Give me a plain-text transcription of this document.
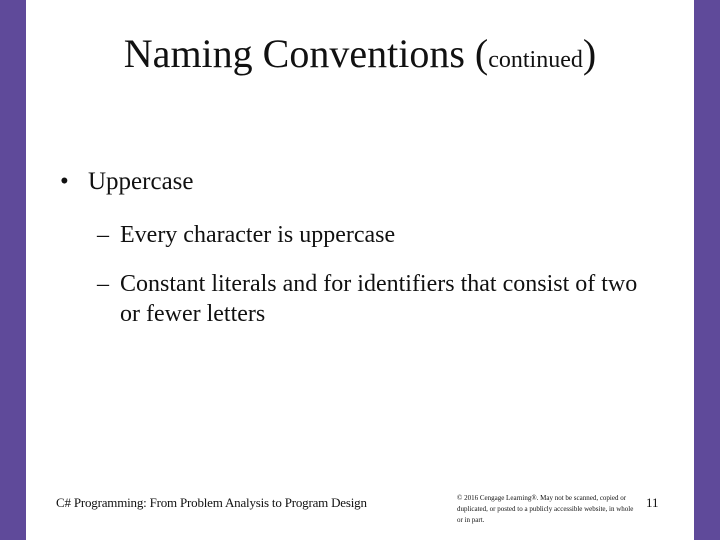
Naming Conventions (continued)
• Uppercase
– Every character is uppercase
– Constant literals and for identifiers that consist of two or fewer letters
C# Programming: From Problem Analysis to Program Design	© 2016 Cengage Learning®. May not be scanned, copied or duplicated, or posted to a publicly accessible website, in whole or in part.
11
